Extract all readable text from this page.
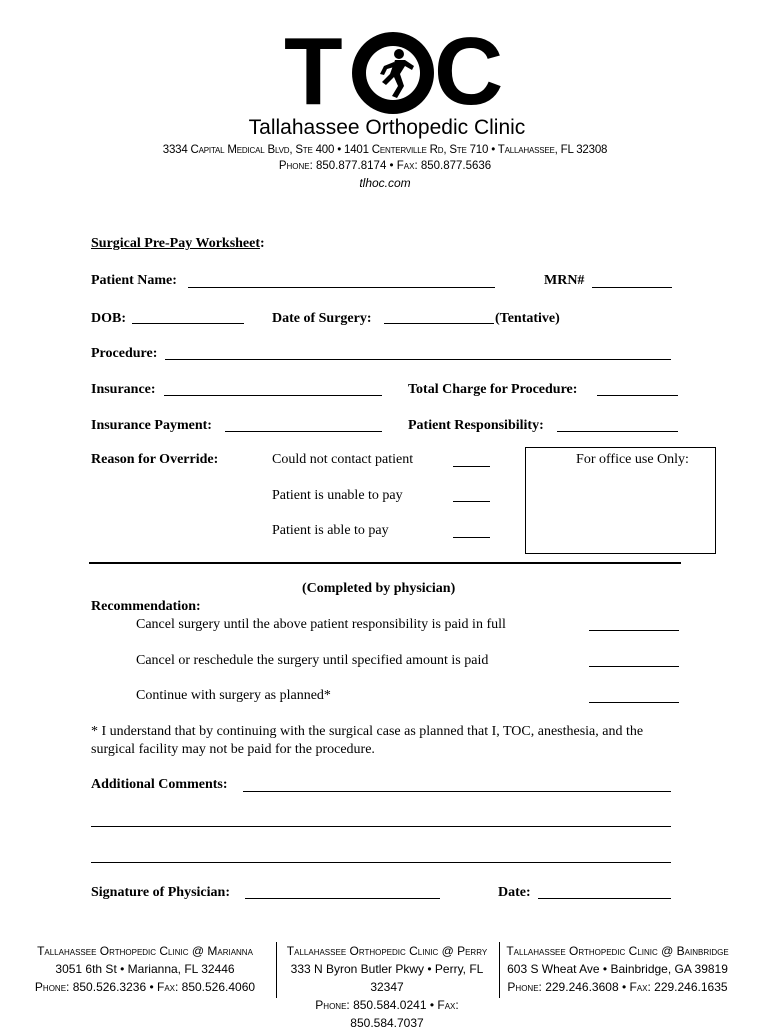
T C
Tallahassee Orthopedic Clinic
3334 Capital Medical Blvd, Ste 400 • 1401 Centerville Rd, Ste 710 • Tallahassee, FL 32308
Phone: 850.877.8174 • Fax: 850.877.5636
tlhoc.com
Surgical Pre-Pay Worksheet:
Patient Name:	MRN#
DOB:	Date of Surgery:	(Tentative)
Procedure:
Insurance:	Total Charge for Procedure:
Insurance Payment:	Patient Responsibility:
Reason for Override:	Could not contact patient
Patient is unable to pay
Patient is able to pay
For office use Only:
(Completed by physician)
Recommendation:
Cancel surgery until the above patient responsibility is paid in full
Cancel or reschedule the surgery until specified amount is paid
Continue with surgery as planned*
* I understand that by continuing with the surgical case as planned that I, TOC, anesthesia, and the surgical facility may not be paid for the procedure.
Additional Comments:
Signature of Physician:	Date:
Tallahassee Orthopedic Clinic @ Marianna
3051 6th St • Marianna, FL 32446
Phone: 850.526.3236 • Fax: 850.526.4060
Tallahassee Orthopedic Clinic @ Perry
333 N Byron Butler Pkwy • Perry, FL 32347
Phone: 850.584.0241 • Fax: 850.584.7037
Tallahassee Orthopedic Clinic @ Bainbridge
603 S Wheat Ave • Bainbridge, GA 39819
Phone: 229.246.3608 • Fax: 229.246.1635
